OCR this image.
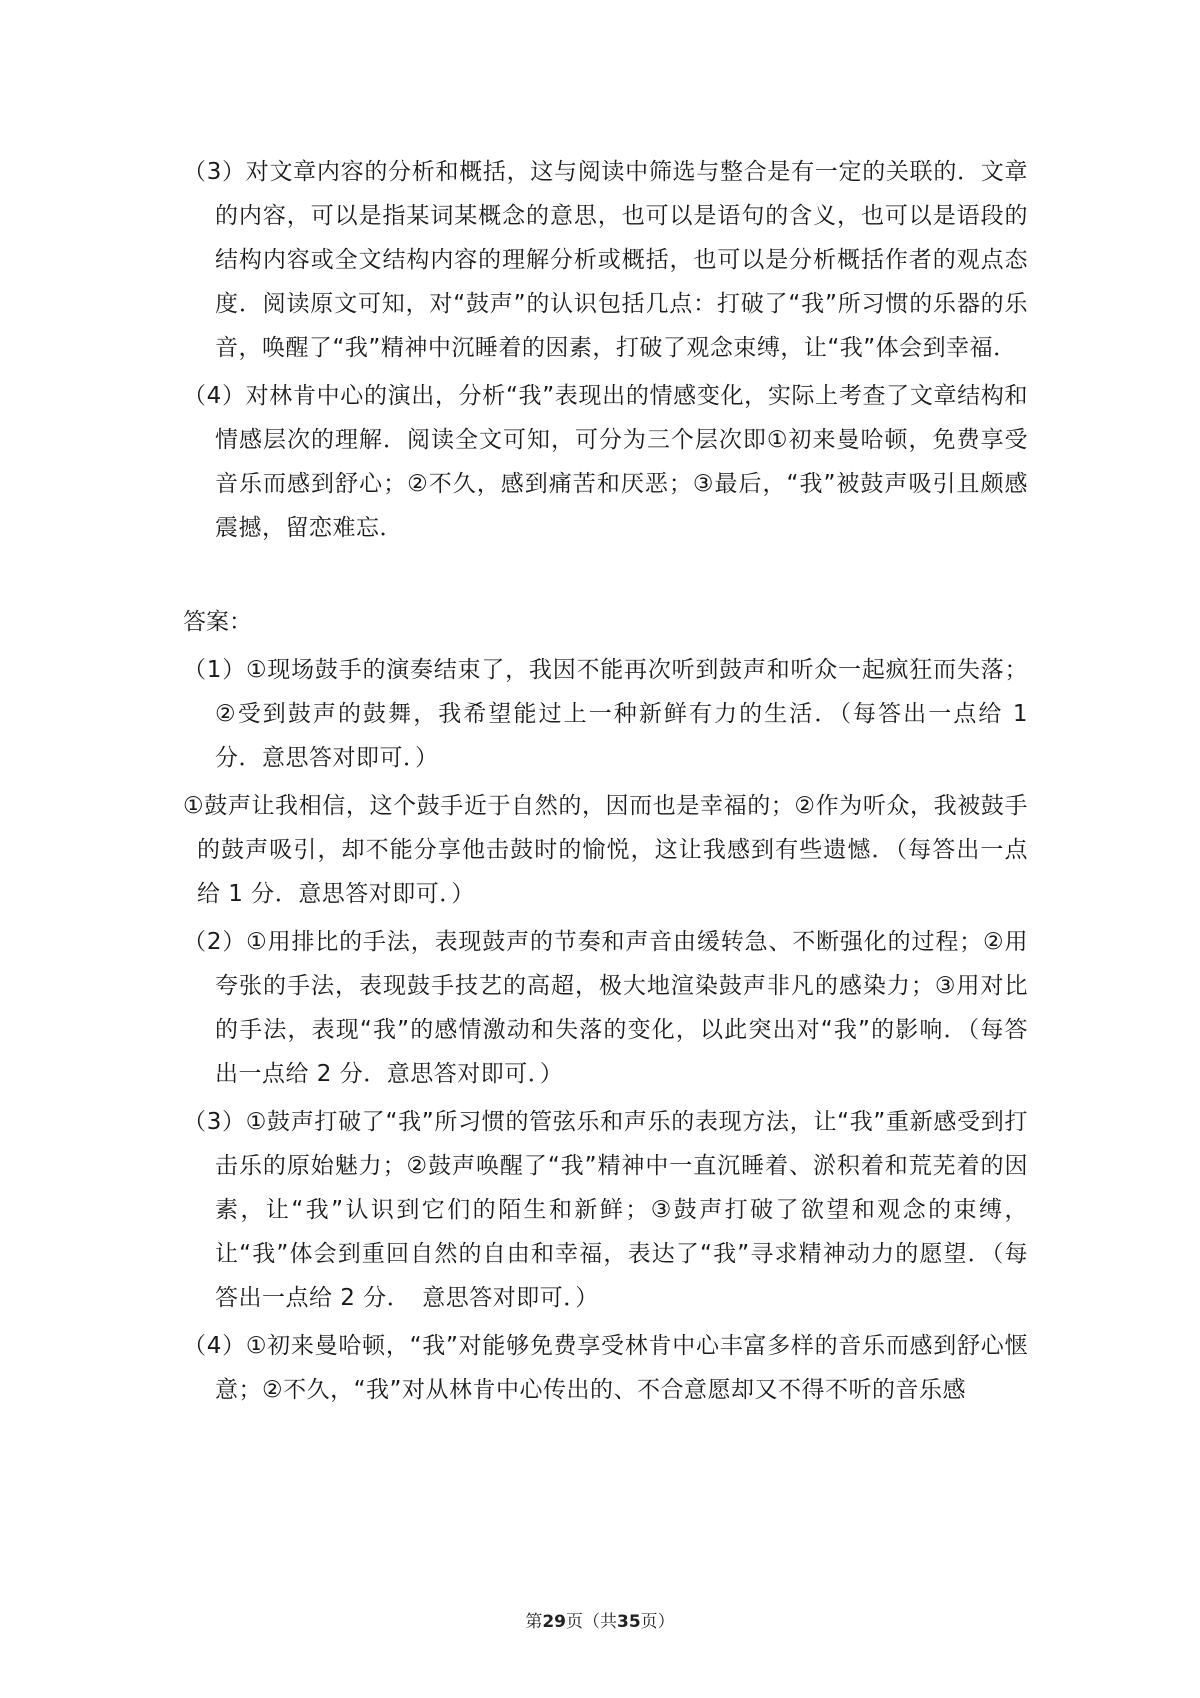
（3）对文章内容的分析和概括，这与阅读中筛选与整合是有一定的关联的．文章的内容，可以是指某词某概念的意思，也可以是语句的含义，也可以是语段的结构内容或全文结构内容的理解分析或概括，也可以是分析概括作者的观点态度．阅读原文可知，对“鼓声”的认识包括几点：打破了“我”所习惯的乐器的乐音，唤醒了“我”精神中沉睡着的因素，打破了观念束缚，让“我”体会到幸福．

（4）对林肯中心的演出，分析“我”表现出的情感变化，实际上考查了文章结构和情感层次的理解．阅读全文可知，可分为三个层次即①初来曼哈顿，免费享受音乐而感到舒心；②不久，感到痛苦和厌恶；③最后，“我”被鼓声吸引且颇感震撼，留恋难忘．

答案：

（1）①现场鼓手的演奏结束了，我因不能再次听到鼓声和听众一起疯狂而失落；②受到鼓声的鼓舞，我希望能过上一种新鲜有力的生活．（每答出一点给 1 分．意思答对即可．）

①鼓声让我相信，这个鼓手近于自然的，因而也是幸福的；②作为听众，我被鼓手的鼓声吸引，却不能分享他击鼓时的愉悦，这让我感到有些遗憾．（每答出一点给 1 分．意思答对即可．）

（2）①用排比的手法，表现鼓声的节奏和声音由缓转急、不断强化的过程；②用夸张的手法，表现鼓手技艺的高超，极大地渲染鼓声非凡的感染力；③用对比的手法，表现“我”的感情激动和失落的变化，以此突出对“我”的影响．（每答出一点给 2 分．意思答对即可．）

（3）①鼓声打破了“我”所习惯的管弦乐和声乐的表现方法，让“我”重新感受到打击乐的原始魅力；②鼓声唤醒了“我”精神中一直沉睡着、淤积着和荒芜着的因素，让“我”认识到它们的陌生和新鲜；③鼓声打破了欲望和观念的束缚，让“我”体会到重回自然的自由和幸福，表达了“我”寻求精神动力的愿望．（每答出一点给 2 分．　意思答对即可．）

（4）①初来曼哈顿，“我”对能够免费享受林肯中心丰富多样的音乐而感到舒心惬意；②不久，“我”对从林肯中心传出的、不合意愿却又不得不听的音乐感

第29页（共35页）
